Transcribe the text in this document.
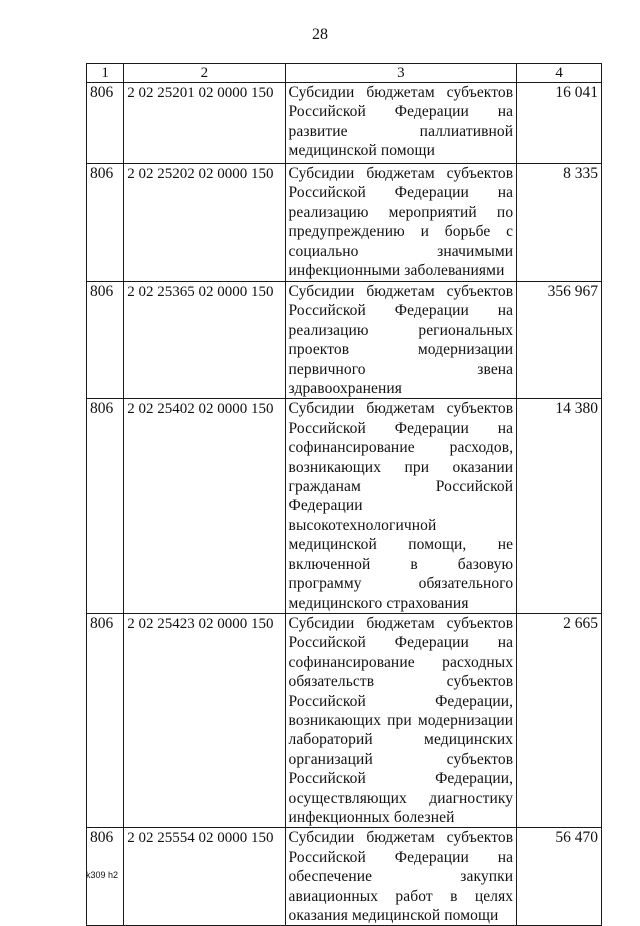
28
1	2	3	4
806	2 02 25201 02 0000 150	Субсидии бюджетам субъектов Российской Федерации на развитие паллиативной медицинской помощи	16 041
806	2 02 25202 02 0000 150	Субсидии бюджетам субъектов Российской Федерации на реализацию мероприятий по предупреждению и борьбе с социально значимыми инфекционными заболеваниями	8 335
806	2 02 25365 02 0000 150	Субсидии бюджетам субъектов Российской Федерации на реализацию региональных проектов модернизации первичного звена здравоохранения	356 967
806	2 02 25402 02 0000 150	Субсидии бюджетам субъектов Российской Федерации на софинансирование расходов, возникающих при оказании гражданам Российской Федерации высокотехнологичной медицинской помощи, не включенной в базовую программу обязательного медицинского страхования	14 380
806	2 02 25423 02 0000 150	Субсидии бюджетам субъектов Российской Федерации на софинансирование расходных обязательств субъектов Российской Федерации, возникающих при модернизации лабораторий медицинских организаций субъектов Российской Федерации, осуществляющих диагностику инфекционных болезней	2 665
806	2 02 25554 02 0000 150	Субсидии бюджетам субъектов Российской Федерации на обеспечение закупки авиационных работ в целях оказания медицинской помощи	56 470
k309 h2
